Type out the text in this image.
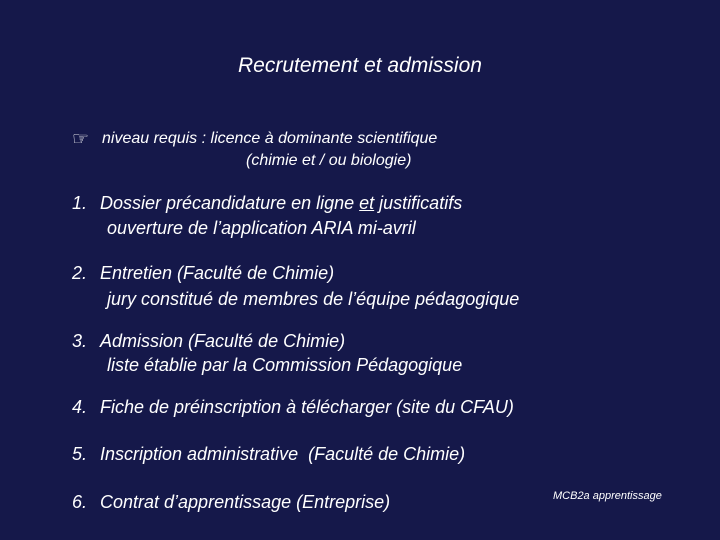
Recrutement et admission
☞ niveau requis : licence à dominante scientifique
(chimie et / ou biologie)
1. Dossier précandidature en ligne et justificatifs
ouverture de l’application ARIA mi-avril
2. Entretien (Faculté de Chimie)
jury constitué de membres de l’équipe pédagogique
3. Admission (Faculté de Chimie)
liste établie par la Commission Pédagogique
4. Fiche de préinscription à télécharger (site du CFAU)
5. Inscription administrative  (Faculté de Chimie)
6. Contrat d’apprentissage (Entreprise)	MCB2a apprentissage
